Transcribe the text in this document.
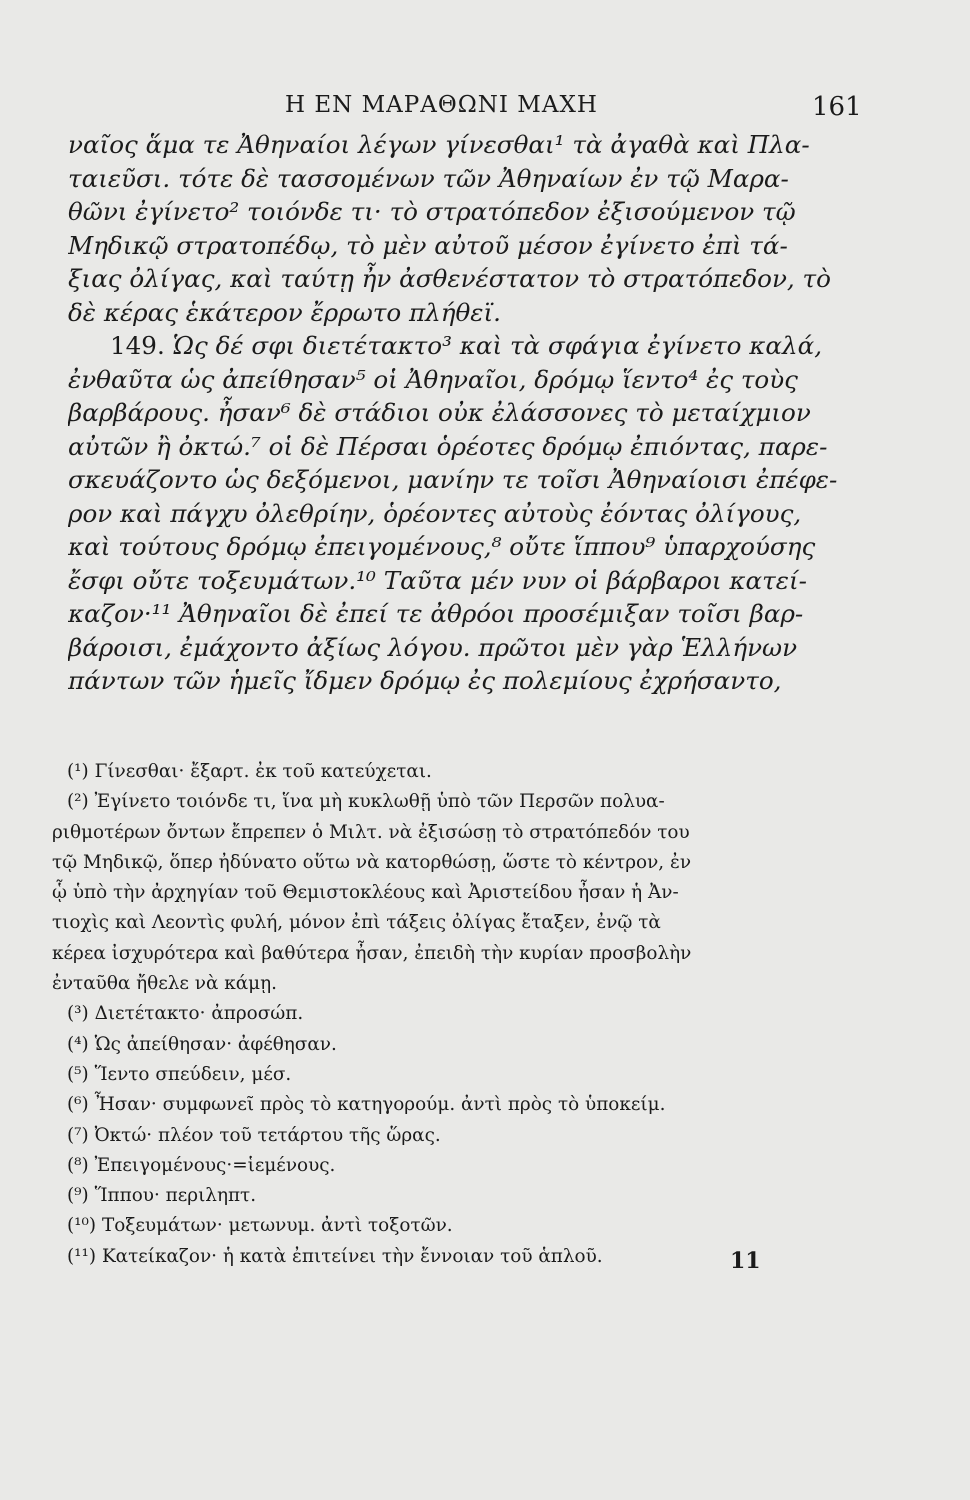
Η ΕΝ ΜΑΡΑΘΩΝΙ ΜΑΧΗ	161
ναῖος ἅμα τε Ἀθηναίοι λέγων γίνεσθαι¹ τὰ ἀγαθὰ καὶ Πλα-
ταιεῦσι. τότε δὲ τασσομένων τῶν Ἀθηναίων ἐν τῷ Μαρα-
θῶνι ἐγίνετο² τοιόνδε τι· τὸ στρατόπεδον ἐξισούμενον τῷ
Μηδικῷ στρατοπέδῳ, τὸ μὲν αὐτοῦ μέσον ἐγίνετο ἐπὶ τά-
ξιας ὀλίγας, καὶ ταύτῃ ἦν ἀσθενέστατον τὸ στρατόπεδον, τὸ
δὲ κέρας ἑκάτερον ἔρρωτο πλήθεϊ.
149. Ὡς δέ σφι διετέτακτο³ καὶ τὰ σφάγια ἐγίνετο καλά,
ἐνθαῦτα ὡς ἀπείθησαν⁵ οἱ Ἀθηναῖοι, δρόμῳ ἵεντο⁴ ἐς τοὺς
βαρβάρους. ἦσαν⁶ δὲ στάδιοι οὐκ ἐλάσσονες τὸ μεταίχμιον
αὐτῶν ἢ ὀκτώ.⁷ οἱ δὲ Πέρσαι ὁρέοτες δρόμῳ ἐπιόντας, παρε-
σκευάζοντο ὡς δεξόμενοι, μανίην τε τοῖσι Ἀθηναίοισι ἐπέφε-
ρον καὶ πάγχυ ὀλεθρίην, ὁρέοντες αὐτοὺς ἐόντας ὀλίγους,
καὶ τούτους δρόμῳ ἐπειγομένους,⁸ οὔτε ἵππου⁹ ὑπαρχούσης
ἔσφι οὔτε τοξευμάτων.¹⁰ Ταῦτα μέν νυν οἱ βάρβαροι κατεί-
καζον·¹¹ Ἀθηναῖοι δὲ ἐπεί τε ἀθρόοι προσέμιξαν τοῖσι βαρ-
βάροισι, ἐμάχοντο ἀξίως λόγου. πρῶτοι μὲν γὰρ Ἑλλήνων
πάντων τῶν ἡμεῖς ἴδμεν δρόμῳ ἐς πολεμίους ἐχρήσαντο,
(¹) Γίνεσθαι· ἔξαρτ. ἐκ τοῦ κατεύχεται.
(²) Ἐγίνετο τοιόνδε τι, ἵνα μὴ κυκλωθῇ ὑπὸ τῶν Περσῶν πολυα-
ριθμοτέρων ὄντων ἔπρεπεν ὁ Μιλτ. νὰ ἐξισώσῃ τὸ στρατόπεδόν του
τῷ Μηδικῷ, ὅπερ ἠδύνατο οὕτω νὰ κατορθώσῃ, ὥστε τὸ κέντρον, ἐν
ᾧ ὑπὸ τὴν ἀρχηγίαν τοῦ Θεμιστοκλέους καὶ Ἀριστείδου ἦσαν ἡ Ἀν-
τιοχὶς καὶ Λεοντὶς φυλή, μόνον ἐπὶ τάξεις ὀλίγας ἔταξεν, ἐνῷ τὰ
κέρεα ἰσχυρότερα καὶ βαθύτερα ἦσαν, ἐπειδὴ τὴν κυρίαν προσβολὴν
ἐνταῦθα ἤθελε νὰ κάμῃ.
(³) Διετέτακτο· ἀπροσώπ.
(⁴) Ὡς ἀπείθησαν· ἀφέθησαν.
(⁵) Ἵεντο σπεύδειν, μέσ.
(⁶) Ἦσαν· συμφωνεῖ πρὸς τὸ κατηγορούμ. ἀντὶ πρὸς τὸ ὑποκείμ.
(⁷) Ὀκτώ· πλέον τοῦ τετάρτου τῆς ὥρας.
(⁸) Ἐπειγομένους·=ἱεμένους.
(⁹) Ἵππου· περιληπτ.
(¹⁰) Τοξευμάτων· μετωνυμ. ἀντὶ τοξοτῶν.
(¹¹) Κατείκαζον· ἡ κατὰ ἐπιτείνει τὴν ἔννοιαν τοῦ ἁπλοῦ.	11
